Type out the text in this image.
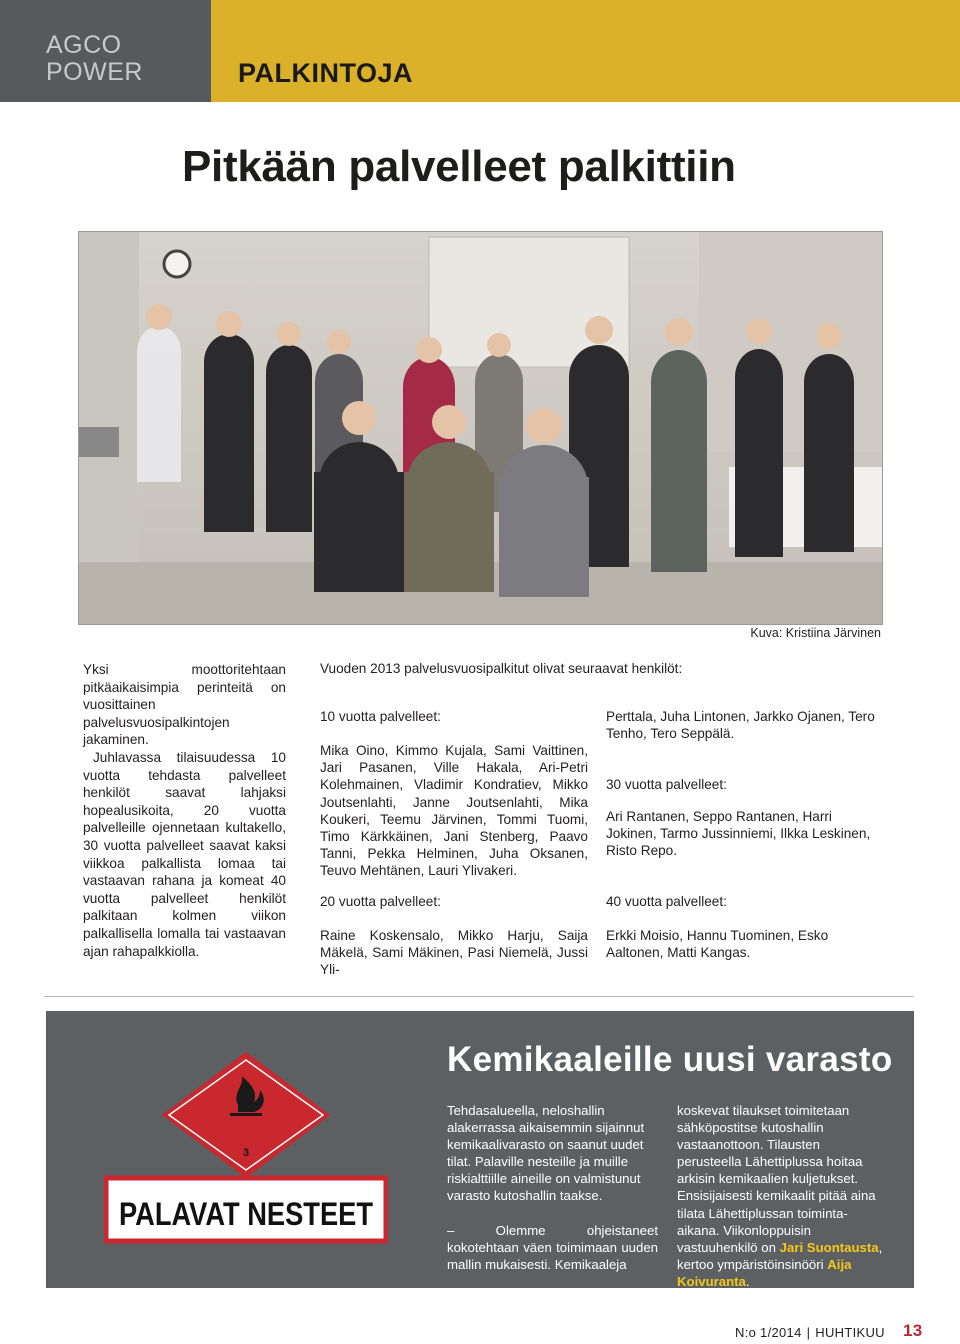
AGCO
POWER	PALKINTOJA
Pitkään palvelleet palkittiin
Kuva: Kristiina Järvinen

Yksi moottoritehtaan pitkäaikaisimpia perinteitä on vuosittainen palvelusvuosipalkintojen jakaminen.

Juhlavassa tilaisuudessa 10 vuotta tehdasta palvelleet henkilöt saavat lahjaksi hopealusikoita, 20 vuotta palvelleille ojennetaan kultakello, 30 vuotta palvelleet saavat kaksi viikkoa palkallista lomaa tai vastaavan rahana ja komeat 40 vuotta palvelleet henkilöt palkitaan kolmen viikon palkallisella lomalla tai vastaavan ajan rahapalkkiolla.

Vuoden 2013 palvelusvuosipalkitut olivat seuraavat henkilöt:

10 vuotta palvelleet:

Mika Oino, Kimmo Kujala, Sami Vaittinen, Jari Pasanen, Ville Hakala, Ari-Petri Kolehmainen, Vladimir Kondratiev, Mikko Joutsenlahti, Janne Joutsenlahti, Mika Koukeri, Teemu Järvinen, Tommi Tuomi, Timo Kärkkäinen, Jani Stenberg, Paavo Tanni, Pekka Helminen, Juha Oksanen, Teuvo Mehtänen, Lauri Ylivakeri.

20 vuotta palvelleet:

Raine Koskensalo, Mikko Harju, Saija Mäkelä, Sami Mäkinen, Pasi Niemelä, Jussi Yli-

Perttala, Juha Lintonen, Jarkko Ojanen, Tero Tenho, Tero Seppälä.

30 vuotta palvelleet:

Ari Rantanen, Seppo Rantanen, Harri Jokinen, Tarmo Jussinniemi, Ilkka Leskinen, Risto Repo.

40 vuotta palvelleet:

Erkki Moisio, Hannu Tuominen, Esko Aaltonen, Matti Kangas.

3
PALAVAT NESTEET
Kemikaaleille uusi varasto

Tehdasalueella, neloshallin alakerrassa aikaisemmin sijainnut kemikaalivarasto on saanut uudet tilat. Palaville nesteille ja muille riskialttiille aineille on valmistunut varasto kutoshallin taakse.

– Olemme ohjeistaneet kokotehtaan väen toimimaan uuden mallin mukaisesti. Kemikaaleja

koskevat tilaukset toimitetaan sähköpostitse kutoshallin vastaanottoon. Tilausten perusteella Lähettiplussa hoitaa arkisin kemikaalien kuljetukset. Ensisijaisesti kemikaalit pitää aina tilata Lähettiplussan toiminta-aikana. Viikonloppuisin vastuuhenkilö on Jari Suontausta, kertoo ympäristöinsinööri Aija Koivuranta.

N:o 1/2014 | HUHTIKUU 13
